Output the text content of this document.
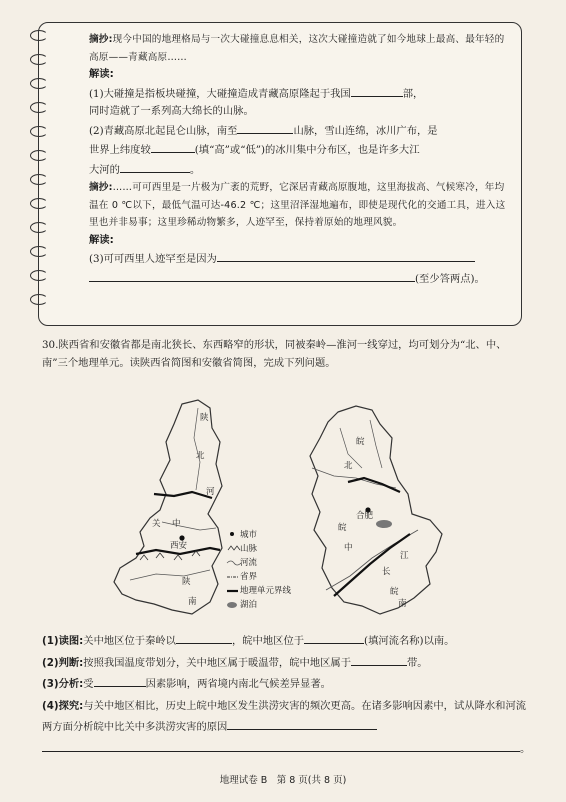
摘抄:现今中国的地理格局与一次大碰撞息息相关，这次大碰撞造就了如今地球上最高、最年轻的高原——青藏高原……

解读:

(1)大碰撞是指板块碰撞，大碰撞造成青藏高原隆起于我国	部，
同时造就了一系列高大绵长的山脉。

(2)青藏高原北起昆仑山脉，南至	山脉，雪山连绵，冰川广布，是
世界上纬度较	(填“高”或“低”)的冰川集中分布区，也是许多大江
大河的	。

摘抄:……可可西里是一片极为广袤的荒野，它深居青藏高原腹地，这里海拔高、气候寒冷，年均温在 0 ℃以下，最低气温可达-46.2 ℃；这里沼泽湿地遍布，即使是现代化的交通工具，进入这里也并非易事；这里珍稀动物繁多，人迹罕至，保持着原始的地理风貌。

解读:

(3)可可西里人迹罕至是因为
(至少答两点)。

30.陕西省和安徽省都是南北狭长、东西略窄的形状，同被秦岭—淮河一线穿过，均可划分为“北、中、南”三个地理单元。读陕西省简图和安徽省简图，完成下列问题。
陕
北
河
关 中
西安
陕
南
城市
山脉
河流
省界
地理单元界线
湖泊
皖
北
合肥
皖
中
江
长
皖
南

(1)读图:关中地区位于秦岭以	，皖中地区位于	(填河流名称)以南。

(2)判断:按照我国温度带划分，关中地区属于暖温带，皖中地区属于	带。

(3)分析:受	因素影响，两省境内南北气候差异显著。

(4)探究:与关中地区相比，历史上皖中地区发生洪涝灾害的频次更高。在诸多影响因素中，试从降水和河流两方面分析皖中比关中多洪涝灾害的原因
。

地理试卷 B　第 8 页(共 8 页)
